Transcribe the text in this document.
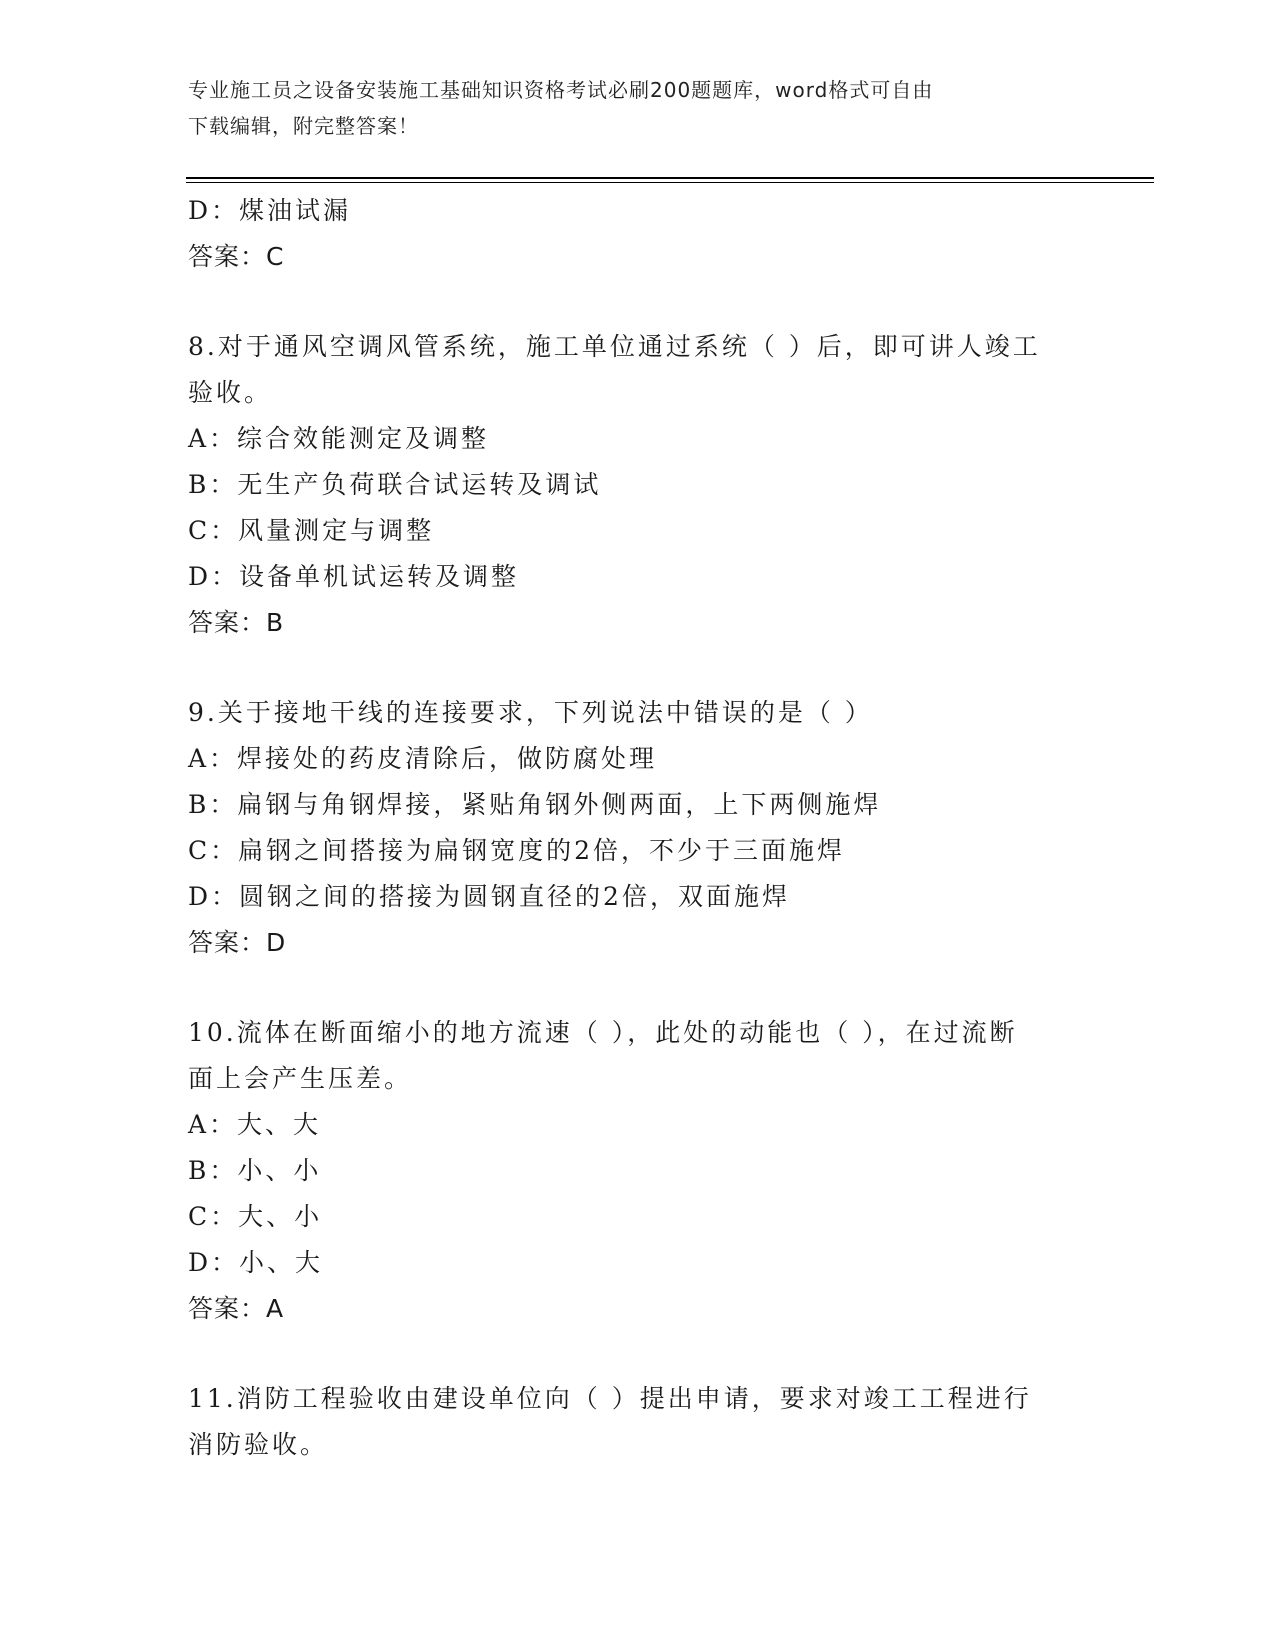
专业施工员之设备安装施工基础知识资格考试必刷200题题库，word格式可自由
下载编辑，附完整答案！
D：煤油试漏
答案：C
8.对于通风空调风管系统，施工单位通过系统（ ）后，即可讲人竣工
验收。
A：综合效能测定及调整
B：无生产负荷联合试运转及调试
C：风量测定与调整
D：设备单机试运转及调整
答案：B
9.关于接地干线的连接要求，下列说法中错误的是（ ）
A：焊接处的药皮清除后，做防腐处理
B：扁钢与角钢焊接，紧贴角钢外侧两面，上下两侧施焊
C：扁钢之间搭接为扁钢宽度的2倍，不少于三面施焊
D：圆钢之间的搭接为圆钢直径的2倍，双面施焊
答案：D
10.流体在断面缩小的地方流速（ ），此处的动能也（ ），在过流断
面上会产生压差。
A：大、大
B：小、小
C：大、小
D：小、大
答案：A
11.消防工程验收由建设单位向（ ）提出申请，要求对竣工工程进行
消防验收。
